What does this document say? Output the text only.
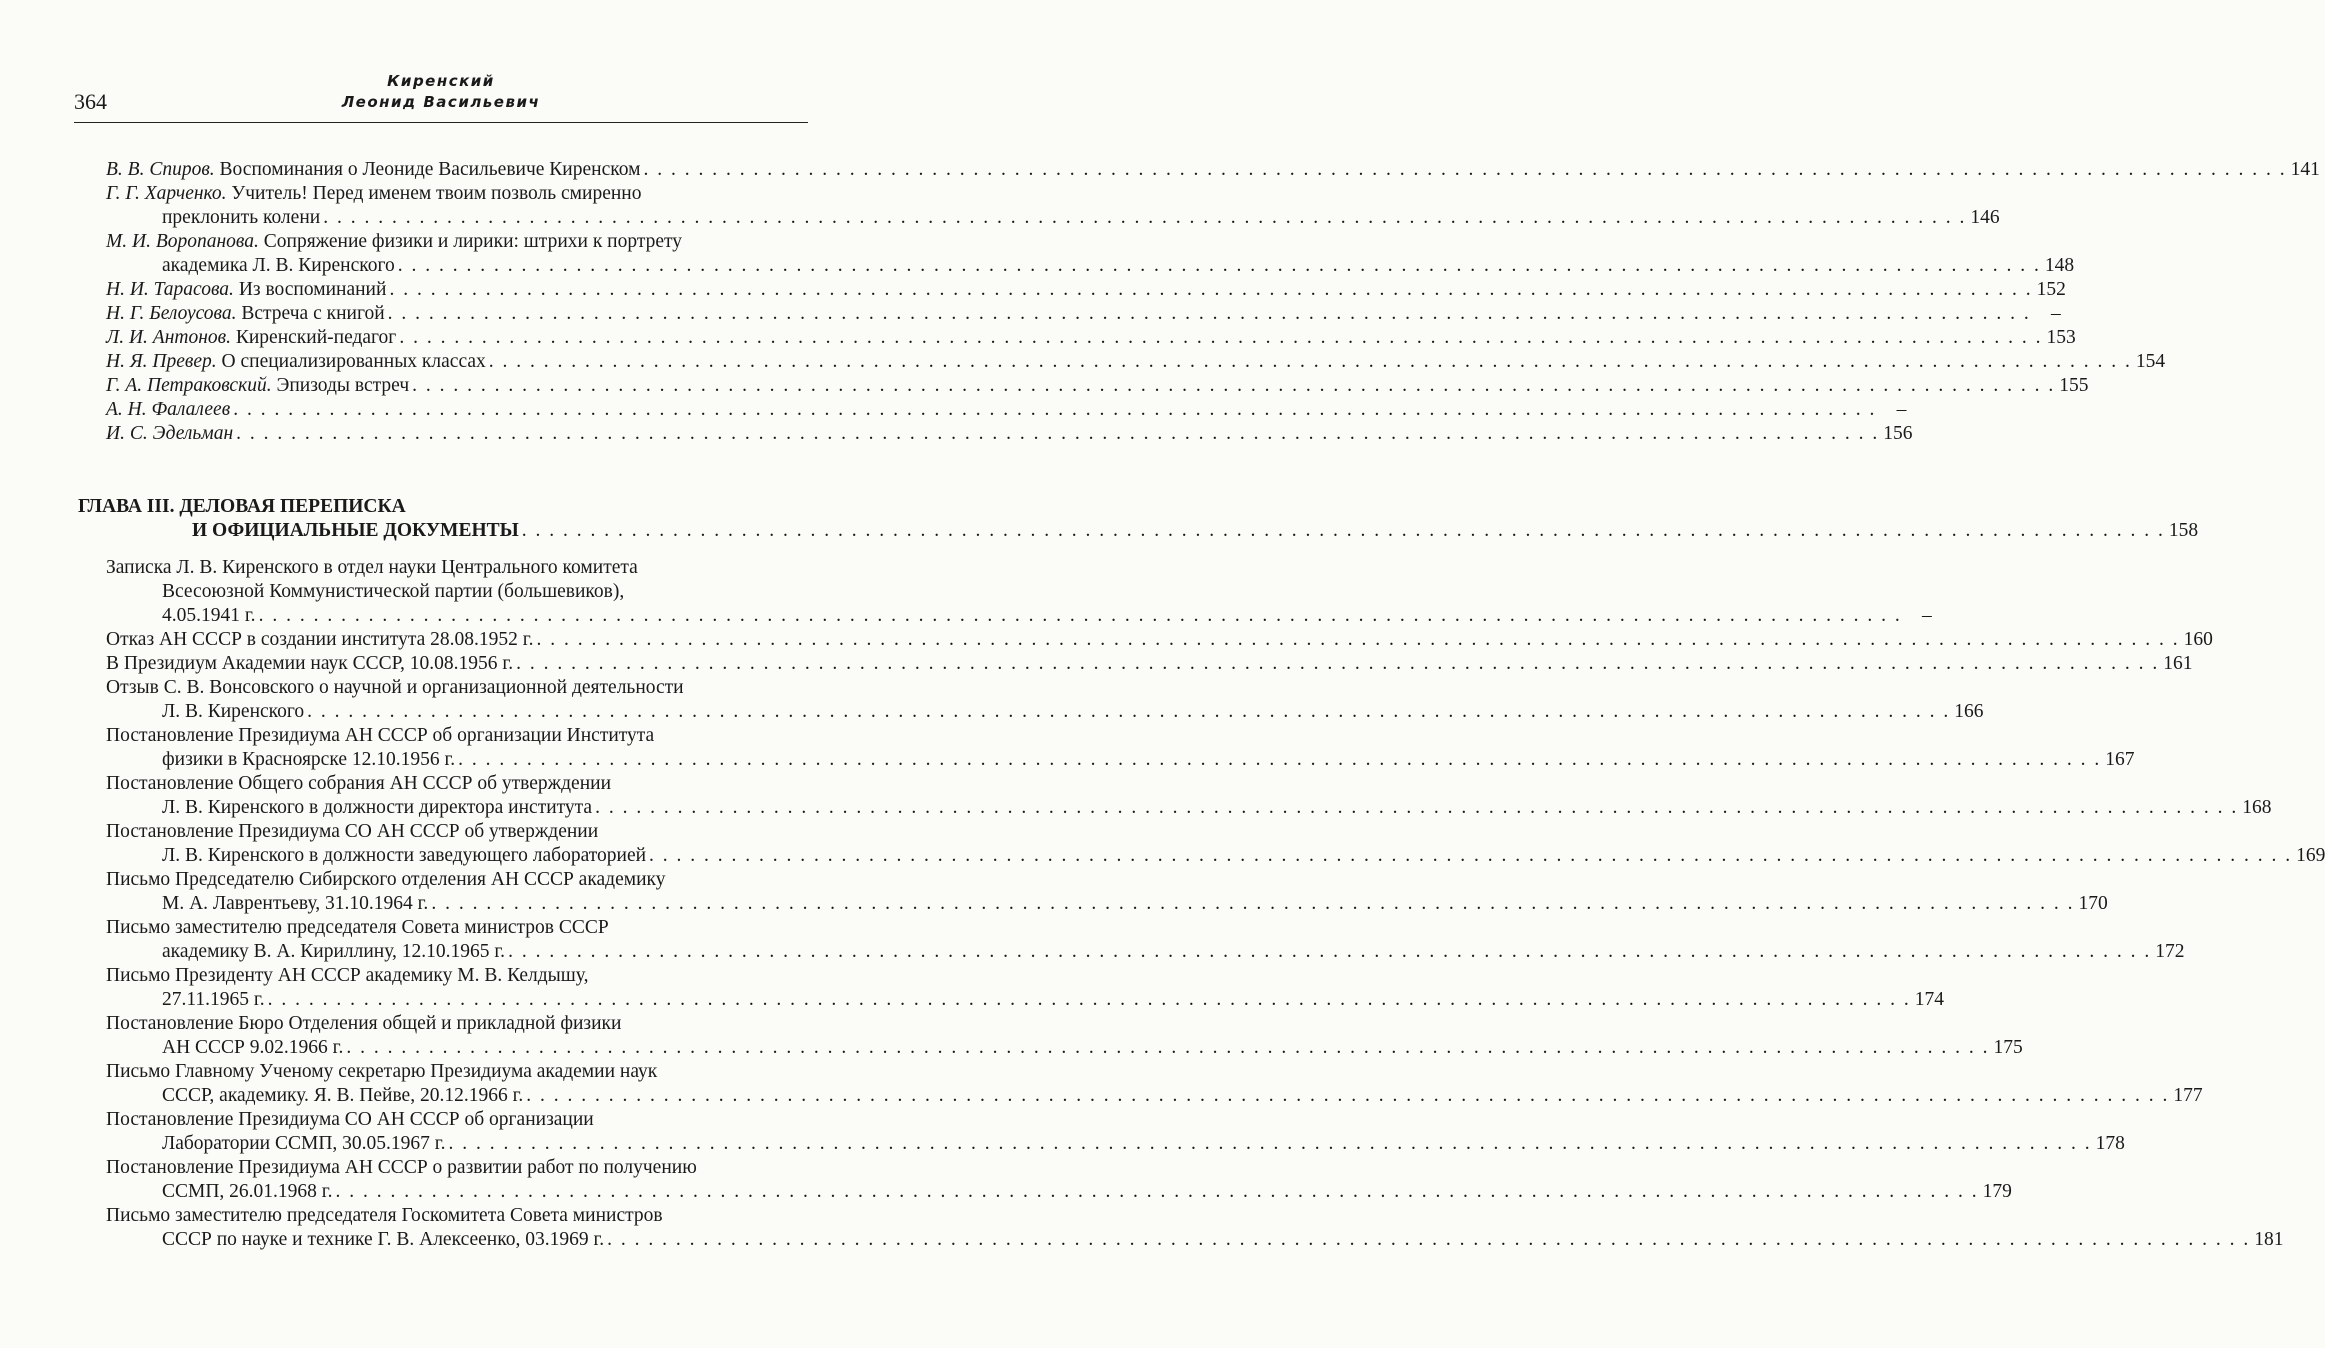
364
Киренский
Леонид Васильевич
В. В. Спиров. Воспоминания о Леониде Васильевиче Киренском . . . . . . . . . . . . . . . . . . . . . . . . . . . . . . . . . . . . . . . . . . . . . . . . . . . . . . . . . . . . . . . . . . . . . . . . . . . . . . . . . . . . . . . . . . . . . . . . . . . . . . . . . . . . . . . . . . . . . . . . 141
Г. Г. Харченко. Учитель! Перед именем твоим позволь смиренно
преклонить колени . . . . . . . . . . . . . . . . . . . . . . . . . . . . . . . . . . . . . . . . . . . . . . . . . . . . . . . . . . . . . . . . . . . . . . . . . . . . . . . . . . . . . . . . . . . . . . . . . . . . . . . . . . . . . . . . . . . . . . . . 146
М. И. Воропанова. Сопряжение физики и лирики: штрихи к портрету
академика Л. В. Киренского . . . . . . . . . . . . . . . . . . . . . . . . . . . . . . . . . . . . . . . . . . . . . . . . . . . . . . . . . . . . . . . . . . . . . . . . . . . . . . . . . . . . . . . . . . . . . . . . . . . . . . . . . . . . . . . . . . . . . . . . 148
Н. И. Тарасова. Из воспоминаний . . . . . . . . . . . . . . . . . . . . . . . . . . . . . . . . . . . . . . . . . . . . . . . . . . . . . . . . . . . . . . . . . . . . . . . . . . . . . . . . . . . . . . . . . . . . . . . . . . . . . . . . . . . . . . . . . . . . . . . . 152
Н. Г. Белоусова. Встреча с книгой . . . . . . . . . . . . . . . . . . . . . . . . . . . . . . . . . . . . . . . . . . . . . . . . . . . . . . . . . . . . . . . . . . . . . . . . . . . . . . . . . . . . . . . . . . . . . . . . . . . . . . . . . . . . . . . . . . . . . . . .	–
Л. И. Антонов. Киренский-педагог . . . . . . . . . . . . . . . . . . . . . . . . . . . . . . . . . . . . . . . . . . . . . . . . . . . . . . . . . . . . . . . . . . . . . . . . . . . . . . . . . . . . . . . . . . . . . . . . . . . . . . . . . . . . . . . . . . . . . . . . 153
Н. Я. Превер. О специализированных классах . . . . . . . . . . . . . . . . . . . . . . . . . . . . . . . . . . . . . . . . . . . . . . . . . . . . . . . . . . . . . . . . . . . . . . . . . . . . . . . . . . . . . . . . . . . . . . . . . . . . . . . . . . . . . . . . . . . . . . . . 154
Г. А. Петраковский. Эпизоды встреч . . . . . . . . . . . . . . . . . . . . . . . . . . . . . . . . . . . . . . . . . . . . . . . . . . . . . . . . . . . . . . . . . . . . . . . . . . . . . . . . . . . . . . . . . . . . . . . . . . . . . . . . . . . . . . . . . . . . . . . . 155
А. Н. Фалалеев . . . . . . . . . . . . . . . . . . . . . . . . . . . . . . . . . . . . . . . . . . . . . . . . . . . . . . . . . . . . . . . . . . . . . . . . . . . . . . . . . . . . . . . . . . . . . . . . . . . . . . . . . . . . . . . . . . . . . . . .	–
И. С. Эдельман . . . . . . . . . . . . . . . . . . . . . . . . . . . . . . . . . . . . . . . . . . . . . . . . . . . . . . . . . . . . . . . . . . . . . . . . . . . . . . . . . . . . . . . . . . . . . . . . . . . . . . . . . . . . . . . . . . . . . . . . 156
ГЛАВА III. ДЕЛОВАЯ ПЕРЕПИСКА
И ОФИЦИАЛЬНЫЕ ДОКУМЕНТЫ . . . . . . . . . . . . . . . . . . . . . . . . . . . . . . . . . . . . . . . . . . . . . . . . . . . . . . . . . . . . . . . . . . . . . . . . . . . . . . . . . . . . . . . . . . . . . . . . . . . . . . . . . . . . . . . . . . . . . . . . 158
Записка Л. В. Киренского в отдел науки Центрального комитета
Всесоюзной Коммунистической партии (большевиков),
4.05.1941 г. . . . . . . . . . . . . . . . . . . . . . . . . . . . . . . . . . . . . . . . . . . . . . . . . . . . . . . . . . . . . . . . . . . . . . . . . . . . . . . . . . . . . . . . . . . . . . . . . . . . . . . . . . . . . . . . . . . . . . . . .	–
Отказ АН СССР в создании института 28.08.1952 г. . . . . . . . . . . . . . . . . . . . . . . . . . . . . . . . . . . . . . . . . . . . . . . . . . . . . . . . . . . . . . . . . . . . . . . . . . . . . . . . . . . . . . . . . . . . . . . . . . . . . . . . . . . . . . . . . . . . . . . . . 160
В Президиум Академии наук СССР, 10.08.1956 г. . . . . . . . . . . . . . . . . . . . . . . . . . . . . . . . . . . . . . . . . . . . . . . . . . . . . . . . . . . . . . . . . . . . . . . . . . . . . . . . . . . . . . . . . . . . . . . . . . . . . . . . . . . . . . . . . . . . . . . . . 161
Отзыв С. В. Вонсовского о научной и организационной деятельности
Л. В. Киренского . . . . . . . . . . . . . . . . . . . . . . . . . . . . . . . . . . . . . . . . . . . . . . . . . . . . . . . . . . . . . . . . . . . . . . . . . . . . . . . . . . . . . . . . . . . . . . . . . . . . . . . . . . . . . . . . . . . . . . . . 166
Постановление Президиума АН СССР об организации Института
физики в Красноярске 12.10.1956 г. . . . . . . . . . . . . . . . . . . . . . . . . . . . . . . . . . . . . . . . . . . . . . . . . . . . . . . . . . . . . . . . . . . . . . . . . . . . . . . . . . . . . . . . . . . . . . . . . . . . . . . . . . . . . . . . . . . . . . . . . 167
Постановление Общего собрания АН СССР об утверждении
Л. В. Киренского в должности директора института . . . . . . . . . . . . . . . . . . . . . . . . . . . . . . . . . . . . . . . . . . . . . . . . . . . . . . . . . . . . . . . . . . . . . . . . . . . . . . . . . . . . . . . . . . . . . . . . . . . . . . . . . . . . . . . . . . . . . . . . 168
Постановление Президиума СО АН СССР об утверждении
Л. В. Киренского в должности заведующего лабораторией . . . . . . . . . . . . . . . . . . . . . . . . . . . . . . . . . . . . . . . . . . . . . . . . . . . . . . . . . . . . . . . . . . . . . . . . . . . . . . . . . . . . . . . . . . . . . . . . . . . . . . . . . . . . . . . . . . . . . . . . 169
Письмо Председателю Сибирского отделения АН СССР академику
М. А. Лаврентьеву, 31.10.1964 г. . . . . . . . . . . . . . . . . . . . . . . . . . . . . . . . . . . . . . . . . . . . . . . . . . . . . . . . . . . . . . . . . . . . . . . . . . . . . . . . . . . . . . . . . . . . . . . . . . . . . . . . . . . . . . . . . . . . . . . . . 170
Письмо заместителю председателя Совета министров СССР
академику В. А. Кириллину, 12.10.1965 г. . . . . . . . . . . . . . . . . . . . . . . . . . . . . . . . . . . . . . . . . . . . . . . . . . . . . . . . . . . . . . . . . . . . . . . . . . . . . . . . . . . . . . . . . . . . . . . . . . . . . . . . . . . . . . . . . . . . . . . . . 172
Письмо Президенту АН СССР академику М. В. Келдышу,
27.11.1965 г. . . . . . . . . . . . . . . . . . . . . . . . . . . . . . . . . . . . . . . . . . . . . . . . . . . . . . . . . . . . . . . . . . . . . . . . . . . . . . . . . . . . . . . . . . . . . . . . . . . . . . . . . . . . . . . . . . . . . . . . . 174
Постановление Бюро Отделения общей и прикладной физики
АН СССР 9.02.1966 г. . . . . . . . . . . . . . . . . . . . . . . . . . . . . . . . . . . . . . . . . . . . . . . . . . . . . . . . . . . . . . . . . . . . . . . . . . . . . . . . . . . . . . . . . . . . . . . . . . . . . . . . . . . . . . . . . . . . . . . . . 175
Письмо Главному Ученому секретарю Президиума академии наук
СССР, академику. Я. В. Пейве, 20.12.1966 г. . . . . . . . . . . . . . . . . . . . . . . . . . . . . . . . . . . . . . . . . . . . . . . . . . . . . . . . . . . . . . . . . . . . . . . . . . . . . . . . . . . . . . . . . . . . . . . . . . . . . . . . . . . . . . . . . . . . . . . . . 177
Постановление Президиума СО АН СССР об организации
Лаборатории ССМП, 30.05.1967 г. . . . . . . . . . . . . . . . . . . . . . . . . . . . . . . . . . . . . . . . . . . . . . . . . . . . . . . . . . . . . . . . . . . . . . . . . . . . . . . . . . . . . . . . . . . . . . . . . . . . . . . . . . . . . . . . . . . . . . . . . 178
Постановление Президиума АН СССР о развитии работ по получению
ССМП, 26.01.1968 г. . . . . . . . . . . . . . . . . . . . . . . . . . . . . . . . . . . . . . . . . . . . . . . . . . . . . . . . . . . . . . . . . . . . . . . . . . . . . . . . . . . . . . . . . . . . . . . . . . . . . . . . . . . . . . . . . . . . . . . . . 179
Письмо заместителю председателя Госкомитета Совета министров
СССР по науке и технике Г. В. Алексеенко, 03.1969 г. . . . . . . . . . . . . . . . . . . . . . . . . . . . . . . . . . . . . . . . . . . . . . . . . . . . . . . . . . . . . . . . . . . . . . . . . . . . . . . . . . . . . . . . . . . . . . . . . . . . . . . . . . . . . . . . . . . . . . . . . 181
